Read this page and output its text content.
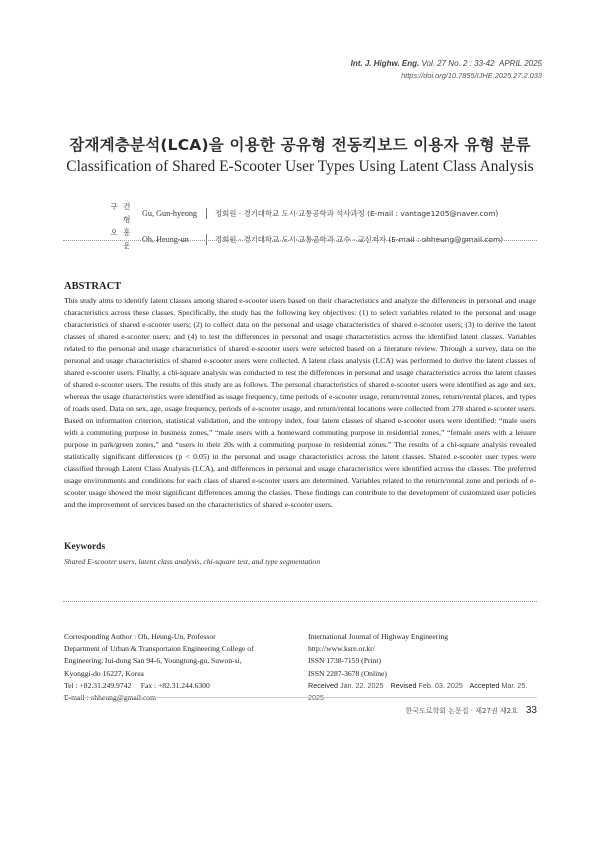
Int. J. Highw. Eng. Vol. 27 No. 2 : 33-42 APRIL 2025
https://doi.org/10.7855/IJHE.2025.27.2.033
잠재계층분석(LCA)을 이용한 공유형 전동킥보드 이용자 유형 분류
Classification of Shared E-Scooter User Types Using Latent Class Analysis
구 건 형
Gu, Gun-hyeong	정회원 · 경기대학교 도시·교통공학과 석사과정 (E-mail : vantage1205@naver.com)
오 흥 운
Oh, Heung-un	정회원 · 경기대학교 도시·교통공학과 교수 · 교신저자 (E-mail : ohheung@gmail.com)
ABSTRACT
This study aims to identify latent classes among shared e-scooter users based on their characteristics and analyze the differences in personal and usage characteristics across these classes. Specifically, the study has the following key objectives: (1) to select variables related to the personal and usage characteristics of shared e-scooter users; (2) to collect data on the personal and usage characteristics of shared e-scooter users; (3) to derive the latent classes of shared e-scooter users; and (4) to test the differences in personal and usage characteristics across the identified latent classes. Variables related to the personal and usage characteristics of shared e-scooter users were selected based on a literature review. Through a survey, data on the personal and usage characteristics of shared e-scooter users were collected. A latent class analysis (LCA) was performed to derive the latent classes of shared e-scooter users. Finally, a chi-square analysis was conducted to test the differences in personal and usage characteristics across the latent classes of shared e-scooter users. The results of this study are as follows. The personal characteristics of shared e-scooter users were identified as age and sex, whereas the usage characteristics were identified as usage frequency, time periods of e-scooter usage, return/rental zones, return/rental places, and types of roads used. Data on sex, age, usage frequency, periods of e-scooter usage, and return/rental locations were collected from 278 shared e-scooter users. Based on information criterion, statistical validation, and the entropy index, four latent classes of shared e-scooter users were identified: “male users with a commuting purpose in business zones,” “male users with a homeward commuting purpose in residential zones,” “female users with a leisure purpose in park/green zones,” and “users in their 20s with a commuting purpose in residential zones.” The results of a chi-square analysis revealed statistically significant differences (p < 0.05) in the personal and usage characteristics across the latent classes. Shared e-scooter user types were classified through Latent Class Analysis (LCA), and differences in personal and usage characteristics were identified across the classes. The preferred usage environments and conditions for each class of shared e-scooter users are determined. Variables related to the return/rental zone and periods of e-scooter usage showed the most significant differences among the classes. These findings can contribute to the development of customized user policies and the improvement of services based on the characteristics of shared e-scooter users.
Keywords
Shared E-scooter users, latent class analysis, chi-square test, and type segmentation
Corresponding Author : Oh, Heung-Un, Professor
Department of Urban & Transportaion Engineering College of
Engineering, Iui-dong San 94-6, Youngtong-gu, Suwon-si,
Kyonggi-do 16227, Korea
Tel : +82.31.249.9742     Fax : +82.31.244.6300
E-mail : ohheung@gmail.com
International Journal of Highway Engineering
http://www.ksre.or.kr/
ISSN 1738-7159 (Print)
ISSN 2287-3678 (Online)
Received Jan. 22. 2025 Revised Feb. 03. 2025 Accepted Mar. 25. 2025
한국도로학회 논문집 · 제27권 제2호 33
